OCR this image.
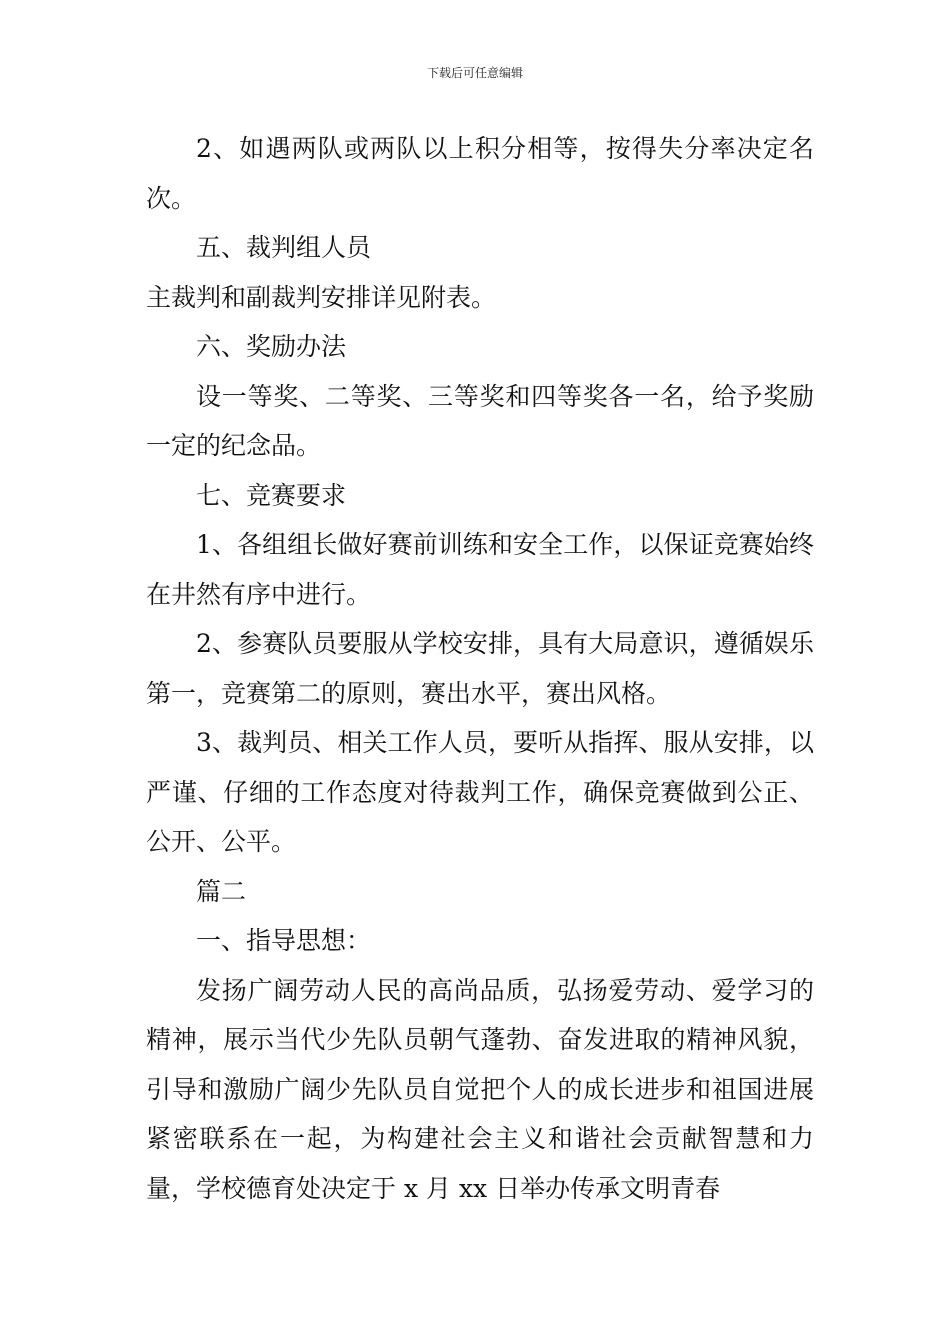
下载后可任意编辑

2、如遇两队或两队以上积分相等，按得失分率决定名次。

五、裁判组人员

主裁判和副裁判安排详见附表。

六、奖励办法

设一等奖、二等奖、三等奖和四等奖各一名，给予奖励一定的纪念品。

七、竞赛要求

1、各组组长做好赛前训练和安全工作，以保证竞赛始终在井然有序中进行。

2、参赛队员要服从学校安排，具有大局意识，遵循娱乐第一，竞赛第二的原则，赛出水平，赛出风格。

3、裁判员、相关工作人员，要听从指挥、服从安排，以严谨、仔细的工作态度对待裁判工作，确保竞赛做到公正、公开、公平。

篇二

一、指导思想：

发扬广阔劳动人民的高尚品质，弘扬爱劳动、爱学习的精神，展示当代少先队员朝气蓬勃、奋发进取的精神风貌，引导和激励广阔少先队员自觉把个人的成长进步和祖国进展紧密联系在一起，为构建社会主义和谐社会贡献智慧和力量，学校德育处决定于 x 月 xx 日举办传承文明青春
